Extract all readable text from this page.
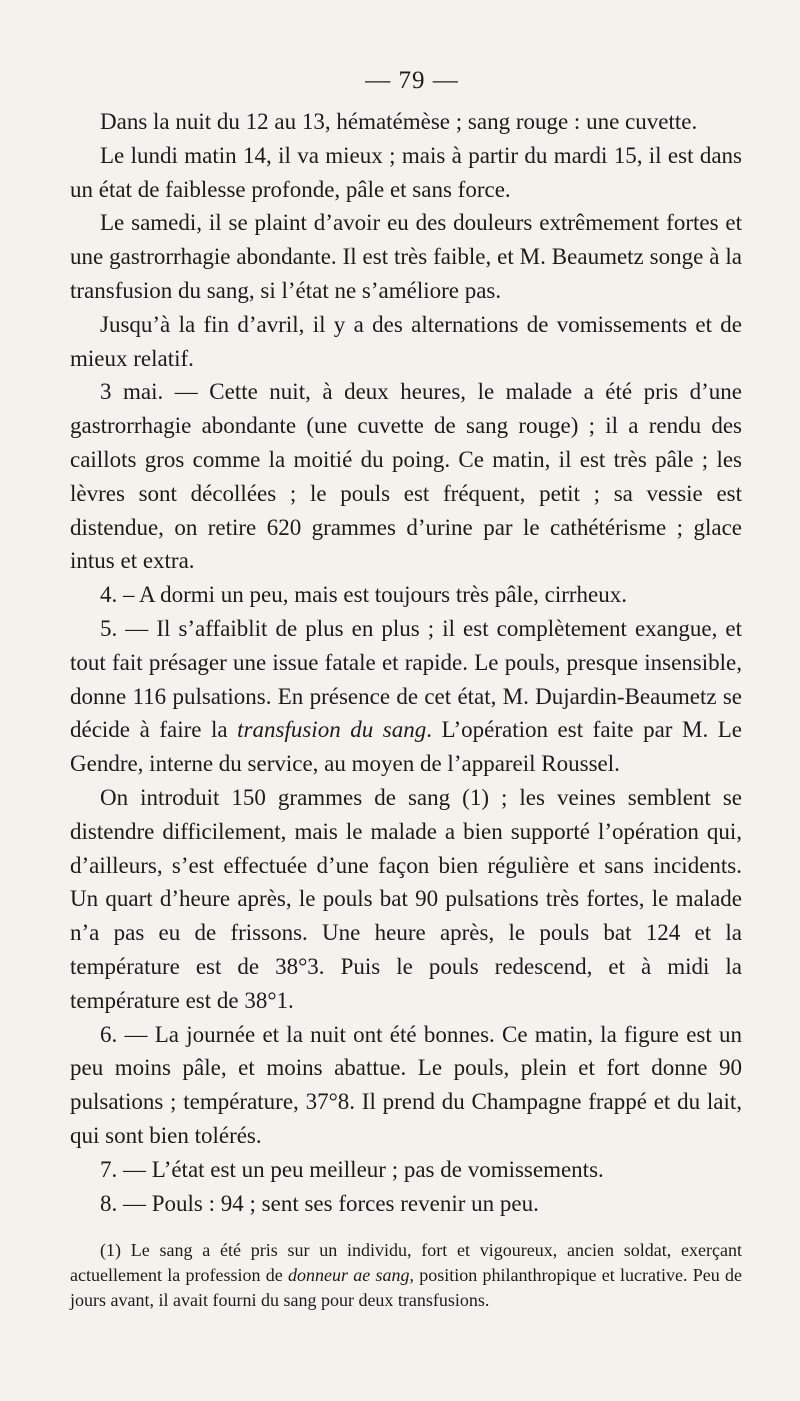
— 79 —

Dans la nuit du 12 au 13, hématémèse ; sang rouge : une cuvette.

Le lundi matin 14, il va mieux ; mais à partir du mardi 15, il est dans un état de faiblesse profonde, pâle et sans force.

Le samedi, il se plaint d’avoir eu des douleurs extrêmement fortes et une gastrorrhagie abondante. Il est très faible, et M. Beaumetz songe à la transfusion du sang, si l’état ne s’améliore pas.

Jusqu’à la fin d’avril, il y a des alternations de vomissements et de mieux relatif.

3 mai. — Cette nuit, à deux heures, le malade a été pris d’une gastrorrhagie abondante (une cuvette de sang rouge) ; il a rendu des caillots gros comme la moitié du poing. Ce matin, il est très pâle ; les lèvres sont décollées ; le pouls est fréquent, petit ; sa vessie est distendue, on retire 620 grammes d’urine par le cathétérisme ; glace intus et extra.

4. – A dormi un peu, mais est toujours très pâle, cirrheux.

5. — Il s’affaiblit de plus en plus ; il est complètement exangue, et tout fait présager une issue fatale et rapide. Le pouls, presque insensible, donne 116 pulsations. En présence de cet état, M. Dujardin-Beaumetz se décide à faire la transfusion du sang. L’opération est faite par M. Le Gendre, interne du service, au moyen de l’appareil Roussel.

On introduit 150 grammes de sang (1) ; les veines semblent se distendre difficilement, mais le malade a bien supporté l’opération qui, d’ailleurs, s’est effectuée d’une façon bien régulière et sans incidents. Un quart d’heure après, le pouls bat 90 pulsations très fortes, le malade n’a pas eu de frissons. Une heure après, le pouls bat 124 et la température est de 38°3. Puis le pouls redescend, et à midi la température est de 38°1.

6. — La journée et la nuit ont été bonnes. Ce matin, la figure est un peu moins pâle, et moins abattue. Le pouls, plein et fort donne 90 pulsations ; température, 37°8. Il prend du Champagne frappé et du lait, qui sont bien tolérés.

7. — L’état est un peu meilleur ; pas de vomissements.

8. — Pouls : 94 ; sent ses forces revenir un peu.

(1) Le sang a été pris sur un individu, fort et vigoureux, ancien soldat, exerçant actuellement la profession de donneur ae sang, position philanthropique et lucrative. Peu de jours avant, il avait fourni du sang pour deux transfusions.
